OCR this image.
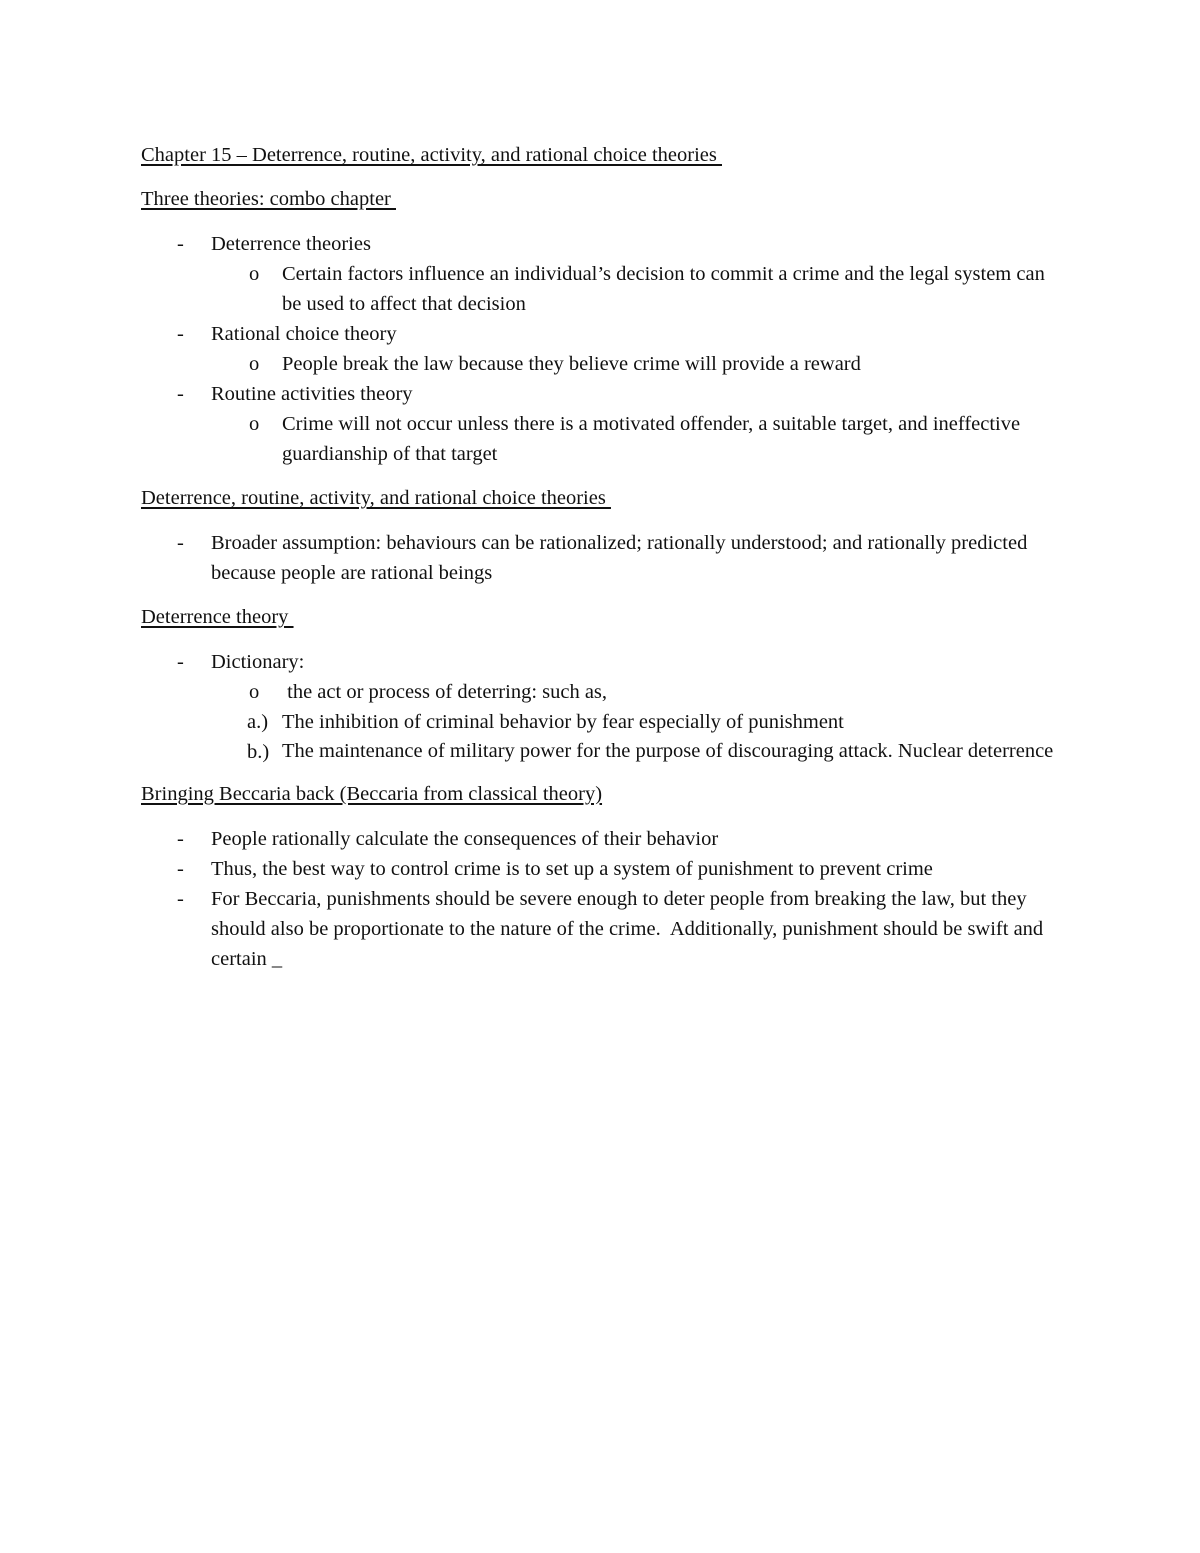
Chapter 15 – Deterrence, routine, activity, and rational choice theories
Three theories: combo chapter
- Deterrence theories
o Certain factors influence an individual’s decision to commit a crime and the legal system can be used to affect that decision
- Rational choice theory
o People break the law because they believe crime will provide a reward
- Routine activities theory
o Crime will not occur unless there is a motivated offender, a suitable target, and ineffective guardianship of that target
Deterrence, routine, activity, and rational choice theories
- Broader assumption: behaviours can be rationalized; rationally understood; and rationally predicted because people are rational beings
Deterrence theory
- Dictionary:
o the act or process of deterring: such as,
a.) The inhibition of criminal behavior by fear especially of punishment
b.) The maintenance of military power for the purpose of discouraging attack. Nuclear deterrence
Bringing Beccaria back (Beccaria from classical theory)
- People rationally calculate the consequences of their behavior
- Thus, the best way to control crime is to set up a system of punishment to prevent crime
- For Beccaria, punishments should be severe enough to deter people from breaking the law, but they should also be proportionate to the nature of the crime.  Additionally, punishment should be swift and certain _
